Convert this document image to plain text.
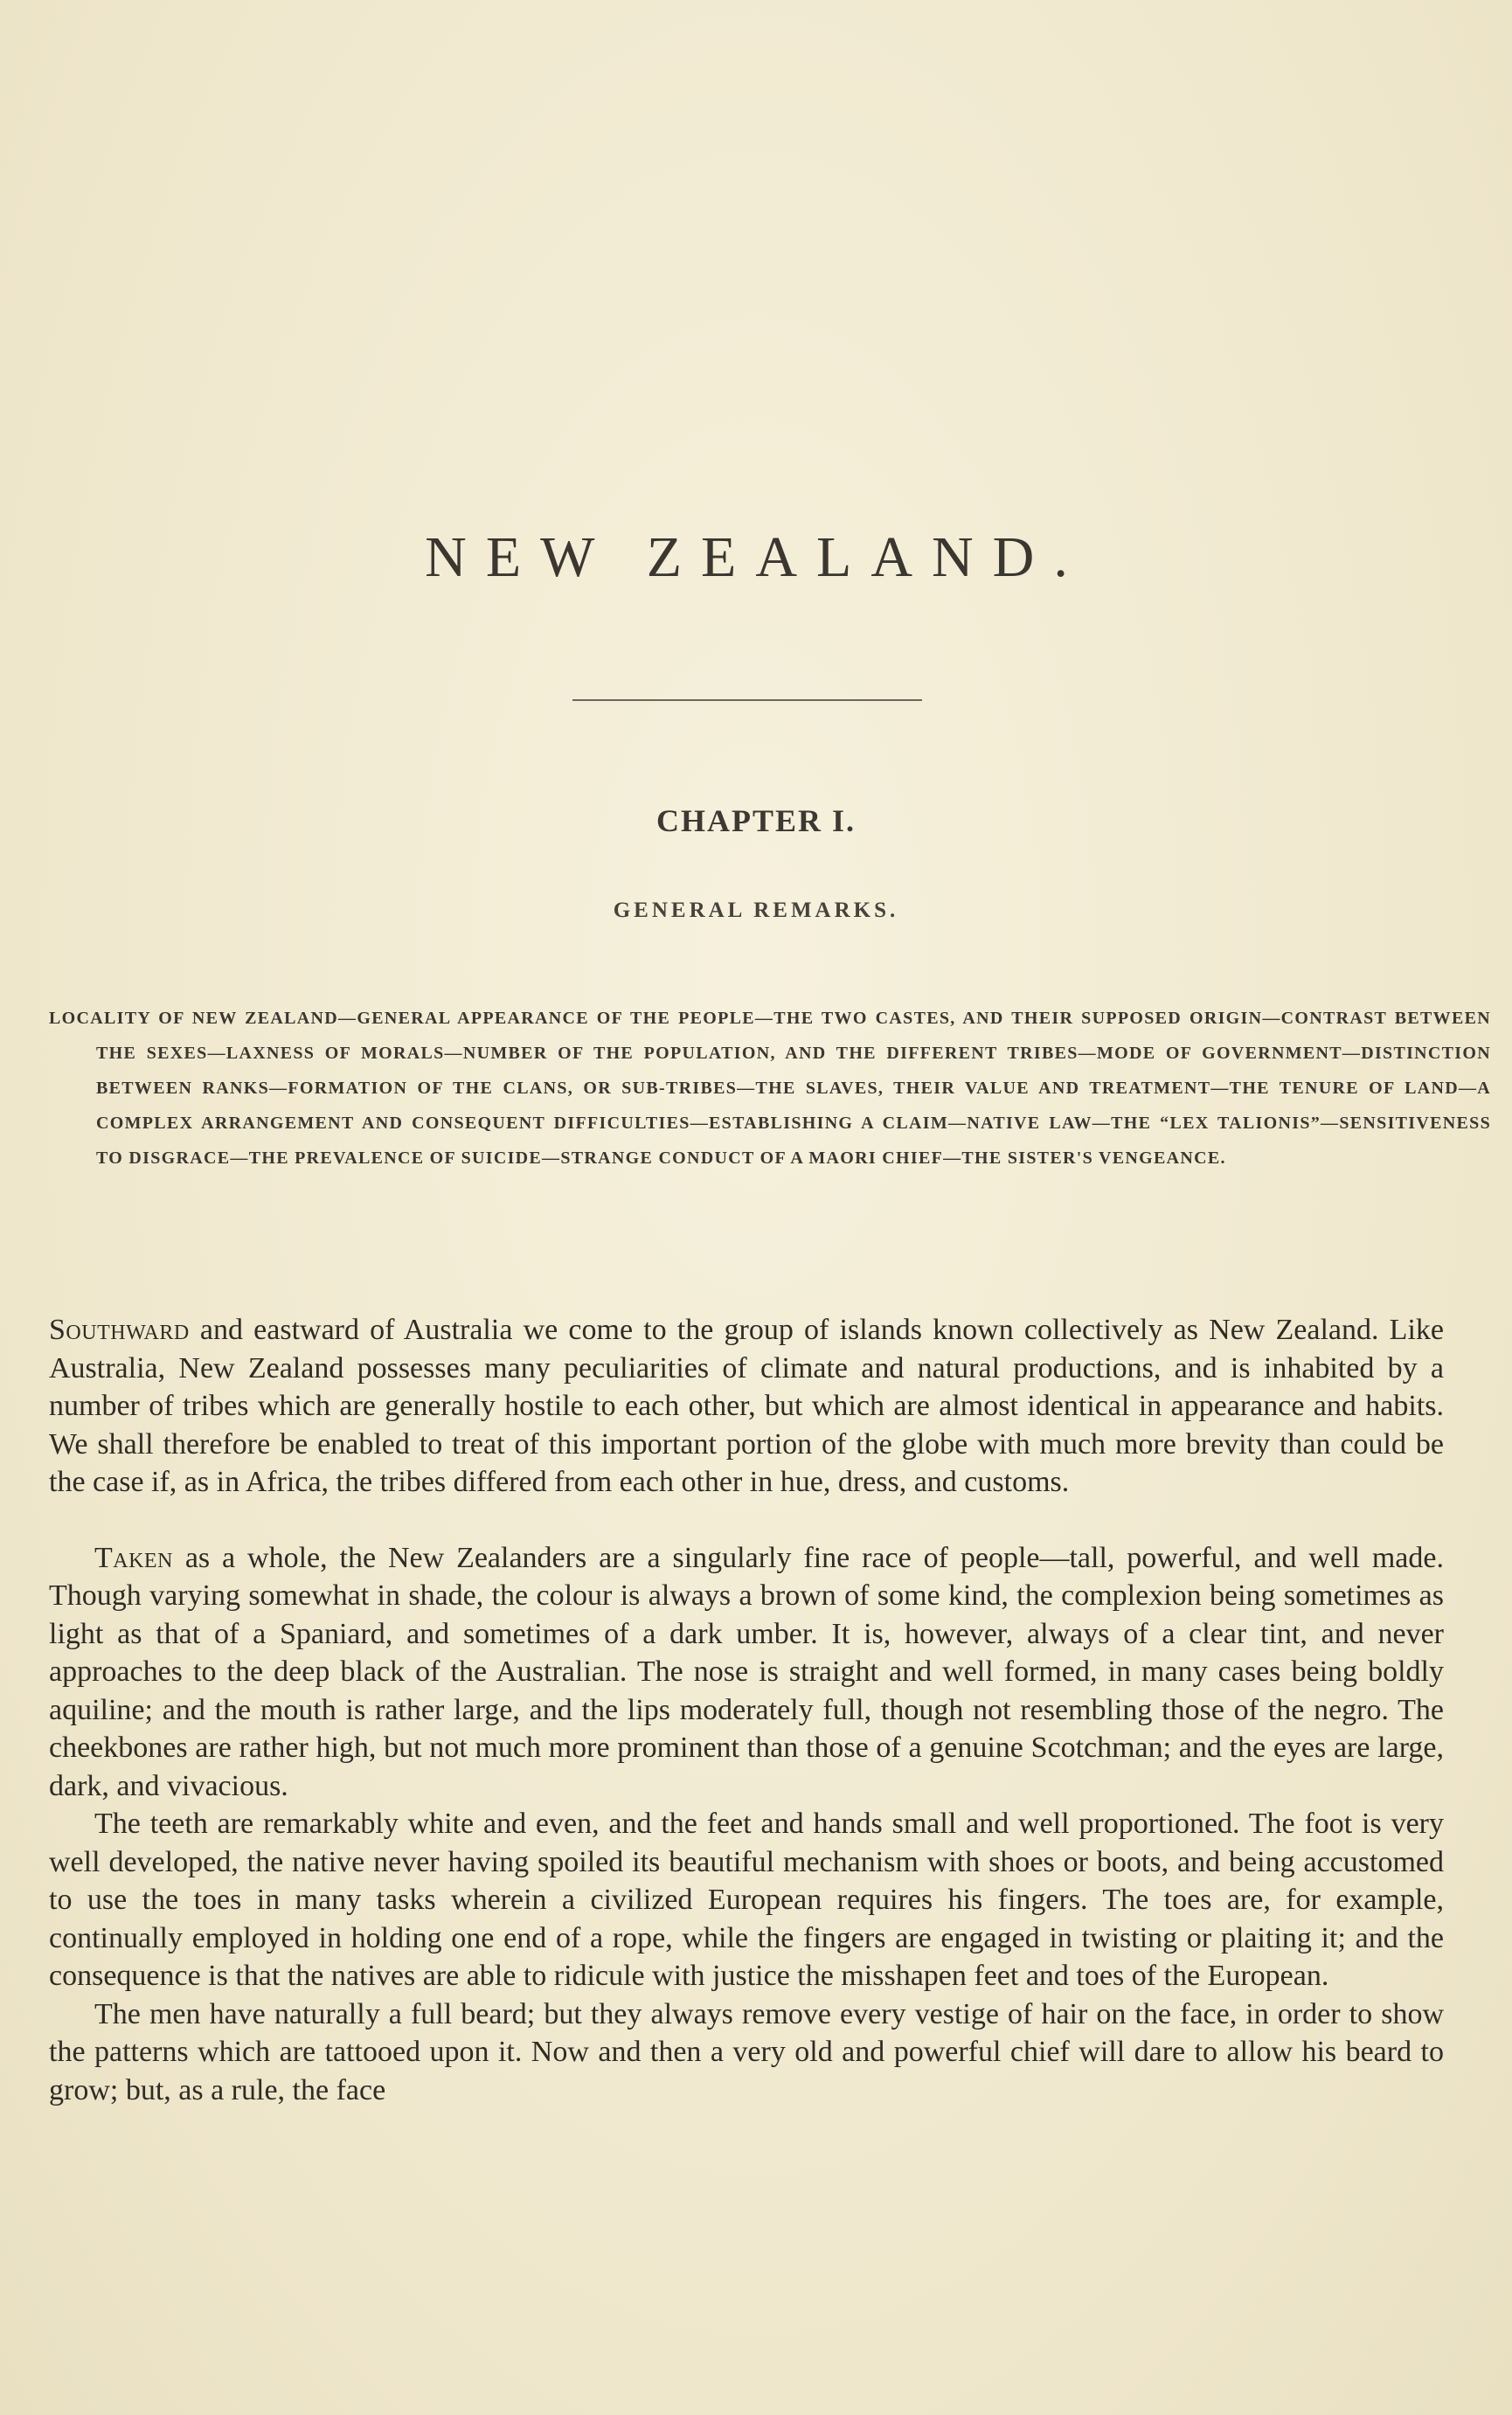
NEW ZEALAND.
CHAPTER I.
GENERAL REMARKS.

LOCALITY OF NEW ZEALAND—GENERAL APPEARANCE OF THE PEOPLE—THE TWO CASTES, AND THEIR SUPPOSED ORIGIN—CONTRAST BETWEEN THE SEXES—LAXNESS OF MORALS—NUMBER OF THE POPULATION, AND THE DIFFERENT TRIBES—MODE OF GOVERNMENT—DISTINCTION BETWEEN RANKS—FORMATION OF THE CLANS, OR SUB-TRIBES—THE SLAVES, THEIR VALUE AND TREATMENT—THE TENURE OF LAND—A COMPLEX ARRANGEMENT AND CONSEQUENT DIFFICULTIES—ESTABLISHING A CLAIM—NATIVE LAW—THE “LEX TALIONIS”—SENSITIVENESS TO DISGRACE—THE PREVALENCE OF SUICIDE—STRANGE CONDUCT OF A MAORI CHIEF—THE SISTER'S VENGEANCE.

Southward and eastward of Australia we come to the group of islands known collectively as New Zealand. Like Australia, New Zealand possesses many peculiarities of climate and natural productions, and is inhabited by a number of tribes which are generally hostile to each other, but which are almost identical in appearance and habits. We shall therefore be enabled to treat of this important portion of the globe with much more brevity than could be the case if, as in Africa, the tribes differed from each other in hue, dress, and customs.

Taken as a whole, the New Zealanders are a singularly fine race of people—tall, powerful, and well made. Though varying somewhat in shade, the colour is always a brown of some kind, the complexion being sometimes as light as that of a Spaniard, and sometimes of a dark umber. It is, however, always of a clear tint, and never approaches to the deep black of the Australian. The nose is straight and well formed, in many cases being boldly aquiline; and the mouth is rather large, and the lips moderately full, though not resembling those of the negro. The cheekbones are rather high, but not much more prominent than those of a genuine Scotchman; and the eyes are large, dark, and vivacious.

The teeth are remarkably white and even, and the feet and hands small and well proportioned. The foot is very well developed, the native never having spoiled its beautiful mechanism with shoes or boots, and being accustomed to use the toes in many tasks wherein a civilized European requires his fingers. The toes are, for example, continually employed in holding one end of a rope, while the fingers are engaged in twisting or plaiting it; and the consequence is that the natives are able to ridicule with justice the misshapen feet and toes of the European.

The men have naturally a full beard; but they always remove every vestige of hair on the face, in order to show the patterns which are tattooed upon it. Now and then a very old and powerful chief will dare to allow his beard to grow; but, as a rule, the face
